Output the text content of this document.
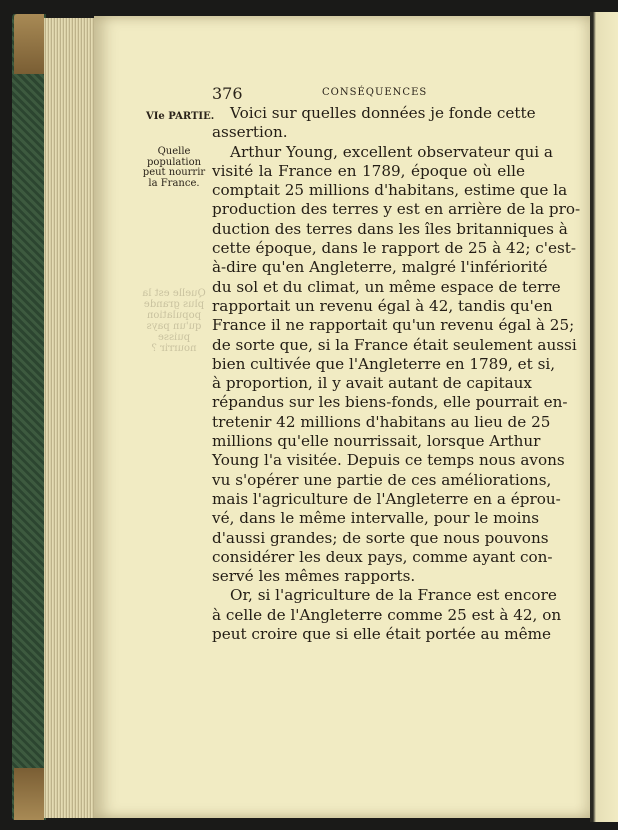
376	CONSÉQUENCES
VIe PARTIE.
Quelle
population
peut nourrir
la France.
Quelle est la
plus grande
population
qu'un pays
puisse nourrir ?
Voici sur quelles données je fonde cette
assertion.
Arthur Young, excellent observateur qui a
visité la France en 1789, époque où elle
comptait 25 millions d'habitans, estime que la
production des terres y est en arrière de la pro-
duction des terres dans les îles britanniques à
cette époque, dans le rapport de 25 à 42; c'est-
à-dire qu'en Angleterre, malgré l'infériorité
du sol et du climat, un même espace de terre
rapportait un revenu égal à 42, tandis qu'en
France il ne rapportait qu'un revenu égal à 25;
de sorte que, si la France était seulement aussi
bien cultivée que l'Angleterre en 1789, et si,
à proportion, il y avait autant de capitaux
répandus sur les biens-fonds, elle pourrait en-
tretenir 42 millions d'habitans au lieu de 25
millions qu'elle nourrissait, lorsque Arthur
Young l'a visitée. Depuis ce temps nous avons
vu s'opérer une partie de ces améliorations,
mais l'agriculture de l'Angleterre en a éprou-
vé, dans le même intervalle, pour le moins
d'aussi grandes; de sorte que nous pouvons
considérer les deux pays, comme ayant con-
servé les mêmes rapports.
Or, si l'agriculture de la France est encore
à celle de l'Angleterre comme 25 est à 42, on
peut croire que si elle était portée au même
